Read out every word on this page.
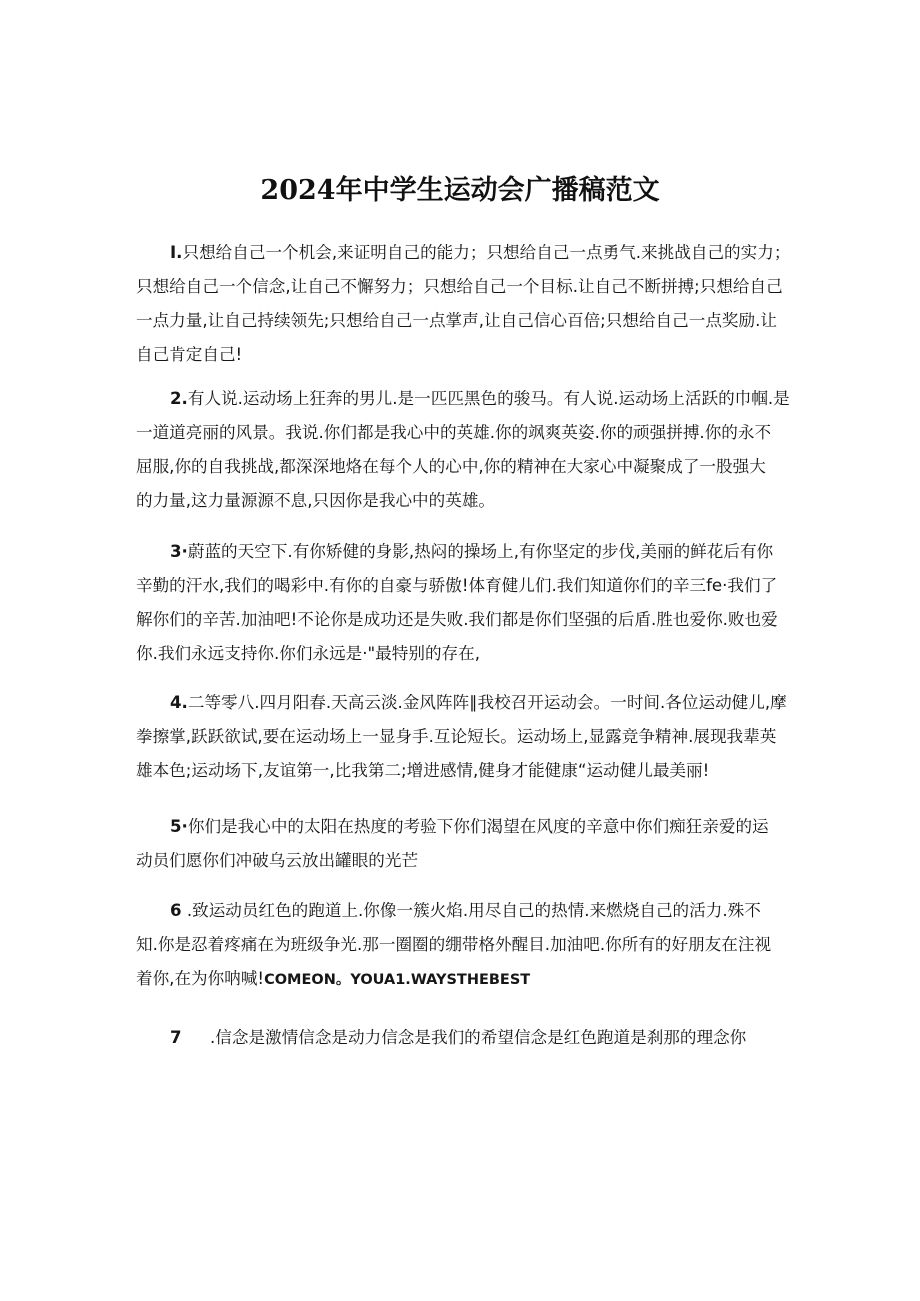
2024年中学生运动会广播稿范文
I.只想给自己一个机会,来证明自己的能力；只想给自己一点勇气.来挑战自己的实力；
只想给自己一个信念,让自己不懈努力；只想给自己一个目标.让自己不断拼搏;只想给自己
一点力量,让自己持续领先;只想给自己一点掌声,让自己信心百倍;只想给自己一点奖励.让
自己肯定自己!
2.有人说.运动场上狂奔的男儿.是一匹匹黑色的骏马。有人说.运动场上活跃的巾帼.是
一道道亮丽的风景。我说.你们都是我心中的英雄.你的飒爽英姿.你的顽强拼搏.你的永不
屈服,你的自我挑战,都深深地烙在每个人的心中,你的精神在大家心中凝聚成了一股强大
的力量,这力量源源不息,只因你是我心中的英雄。
3·蔚蓝的天空下.有你矫健的身影,热闷的操场上,有你坚定的步伐,美丽的鲜花后有你
辛勤的汗水,我们的喝彩中.有你的自豪与骄傲!体育健儿们.我们知道你们的辛三fe·我们了
解你们的辛苦.加油吧!不论你是成功还是失败.我们都是你们坚强的后盾.胜也爱你.败也爱
你.我们永远支持你.你们永远是·"最特别的存在,
4.二等零八.四月阳春.天高云淡.金风阵阵∥我校召开运动会。一时间.各位运动健儿,摩
拳擦掌,跃跃欲试,要在运动场上一显身手.互论短长。运动场上,显露竞争精神.展现我辈英
雄本色;运动场下,友谊第一,比我第二;增进感情,健身才能健康“运动健儿最美丽!
5·你们是我心中的太阳在热度的考验下你们渴望在风度的辛意中你们痴狂亲爱的运
动员们愿你们冲破乌云放出罐眼的光芒
6 .致运动员红色的跑道上.你像一簇火焰.用尽自己的热情.来燃烧自己的活力.殊不
知.你是忍着疼痛在为班级争光.那一圈圈的绷带格外醒目.加油吧.你所有的好朋友在注视
着你,在为你呐喊!COMEON。YOUA1.WAYSTHEBEST
7 .信念是激情信念是动力信念是我们的希望信念是红色跑道是刹那的理念你
